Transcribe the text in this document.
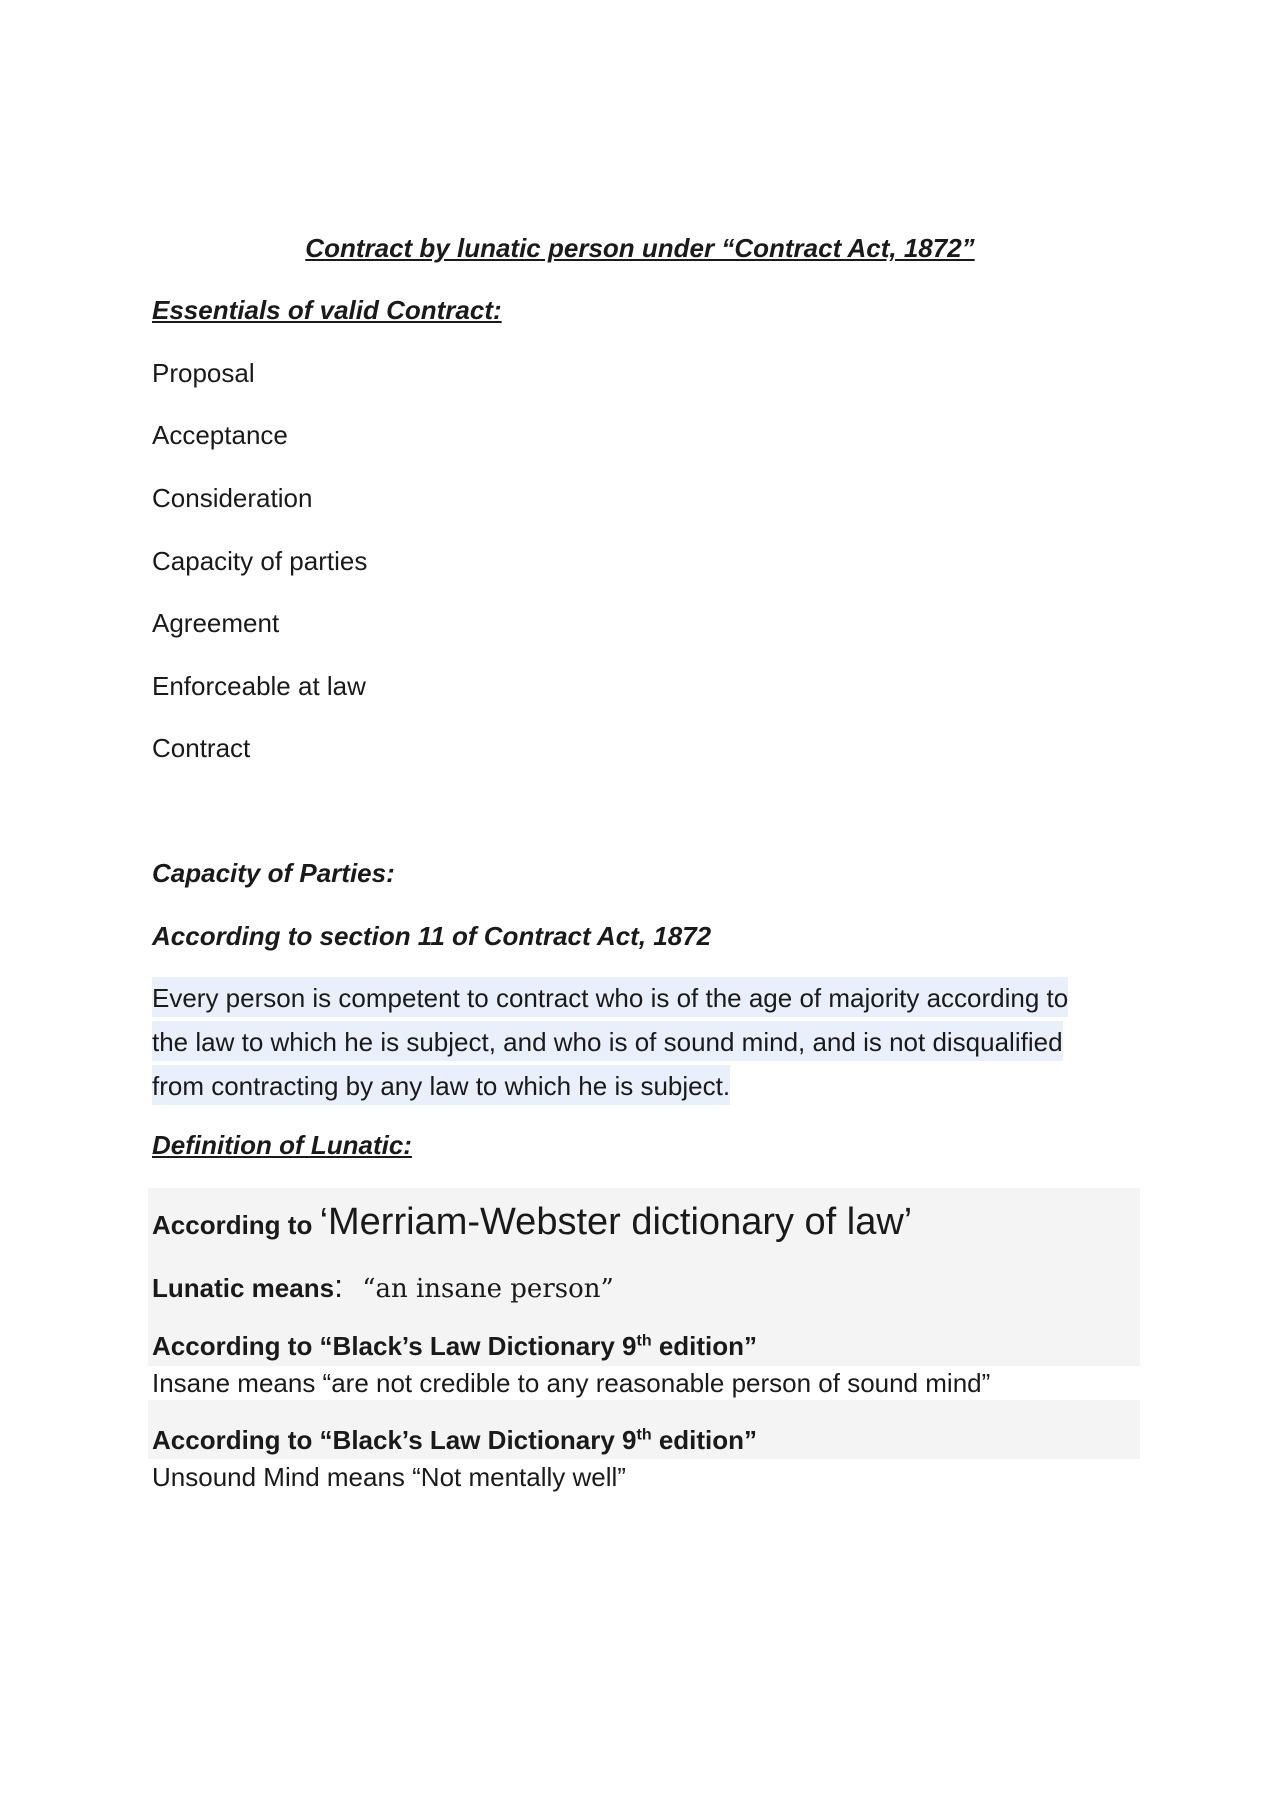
Contract by lunatic person under “Contract Act, 1872”
Essentials of valid Contract:
Proposal
Acceptance
Consideration
Capacity of parties
Agreement
Enforceable at law
Contract
Capacity of Parties:
According to section 11 of Contract Act, 1872
Every person is competent to contract who is of the age of majority according to
the law to which he is subject, and who is of sound mind, and is not disqualified
from contracting by any law to which he is subject.
Definition of Lunatic:
According to ‘Merriam-Webster dictionary of law’
Lunatic means: “an insane person”
According to “Black’s Law Dictionary 9th edition”
Insane means “are not credible to any reasonable person of sound mind”
According to “Black’s Law Dictionary 9th edition”
Unsound Mind means “Not mentally well”
